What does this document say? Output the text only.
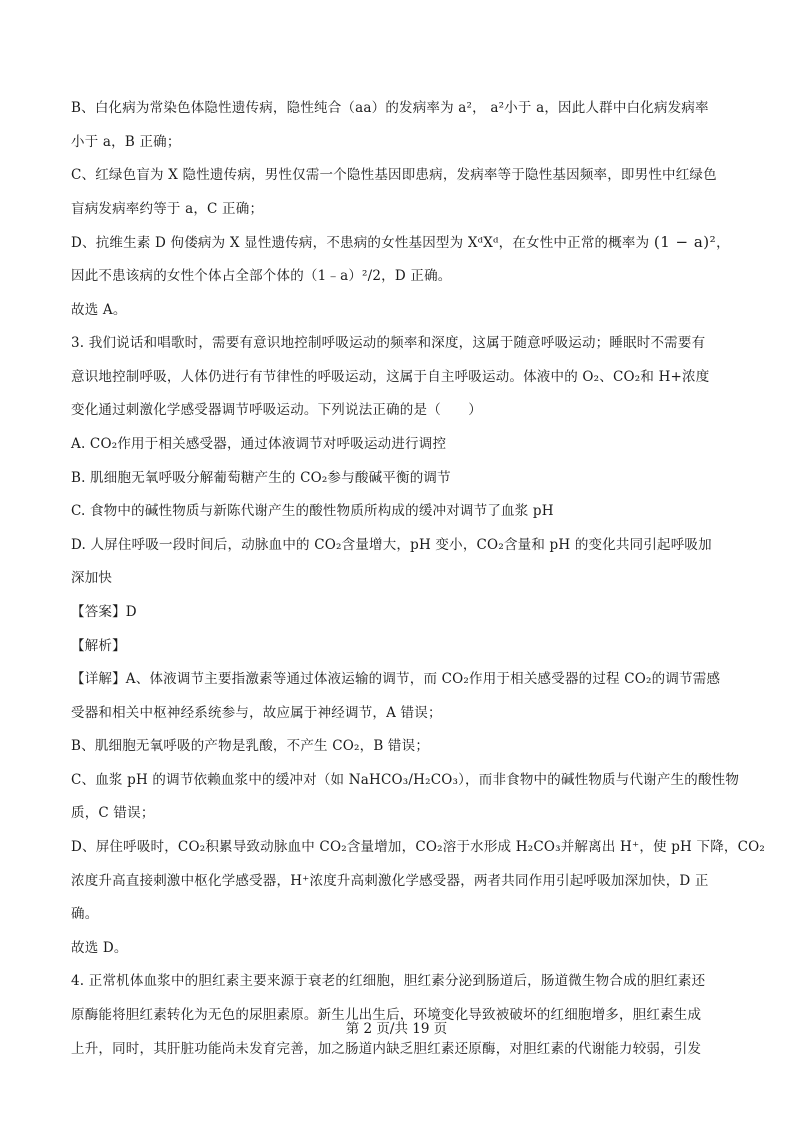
B、白化病为常染色体隐性遗传病，隐性纯合（aa）的发病率为 a²， a²小于 a，因此人群中白化病发病率
小于 a，B 正确；
C、红绿色盲为 X 隐性遗传病，男性仅需一个隐性基因即患病，发病率等于隐性基因频率，即男性中红绿色
盲病发病率约等于 a，C 正确；
D、抗维生素 D 佝偻病为 X 显性遗传病，不患病的女性基因型为 XᵈXᵈ，在女性中正常的概率为 (1 − a)²，
因此不患该病的女性个体占全部个体的（1﹣a）²/2，D 正确。
故选 A。
3. 我们说话和唱歌时，需要有意识地控制呼吸运动的频率和深度，这属于随意呼吸运动；睡眠时不需要有
意识地控制呼吸，人体仍进行有节律性的呼吸运动，这属于自主呼吸运动。体液中的 O₂、CO₂和 H+浓度
变化通过刺激化学感受器调节呼吸运动。下列说法正确的是（　　）
A. CO₂作用于相关感受器，通过体液调节对呼吸运动进行调控
B. 肌细胞无氧呼吸分解葡萄糖产生的 CO₂参与酸碱平衡的调节
C. 食物中的碱性物质与新陈代谢产生的酸性物质所构成的缓冲对调节了血浆 pH
D. 人屏住呼吸一段时间后，动脉血中的 CO₂含量增大，pH 变小，CO₂含量和 pH 的变化共同引起呼吸加
深加快
【答案】D
【解析】
【详解】A、体液调节主要指激素等通过体液运输的调节，而 CO₂作用于相关感受器的过程 CO₂的调节需感
受器和相关中枢神经系统参与，故应属于神经调节，A 错误；
B、肌细胞无氧呼吸的产物是乳酸，不产生 CO₂，B 错误；
C、血浆 pH 的调节依赖血浆中的缓冲对（如 NaHCO₃/H₂CO₃），而非食物中的碱性物质与代谢产生的酸性物
质，C 错误；
D、屏住呼吸时，CO₂积累导致动脉血中 CO₂含量增加，CO₂溶于水形成 H₂CO₃并解离出 H⁺，使 pH 下降，CO₂
浓度升高直接刺激中枢化学感受器，H⁺浓度升高刺激化学感受器，两者共同作用引起呼吸加深加快，D 正
确。
故选 D。
4. 正常机体血浆中的胆红素主要来源于衰老的红细胞，胆红素分泌到肠道后，肠道微生物合成的胆红素还
原酶能将胆红素转化为无色的尿胆素原。新生儿出生后，环境变化导致被破坏的红细胞增多，胆红素生成
上升，同时，其肝脏功能尚未发育完善，加之肠道内缺乏胆红素还原酶，对胆红素的代谢能力较弱，引发
第 2 页/共 19 页
